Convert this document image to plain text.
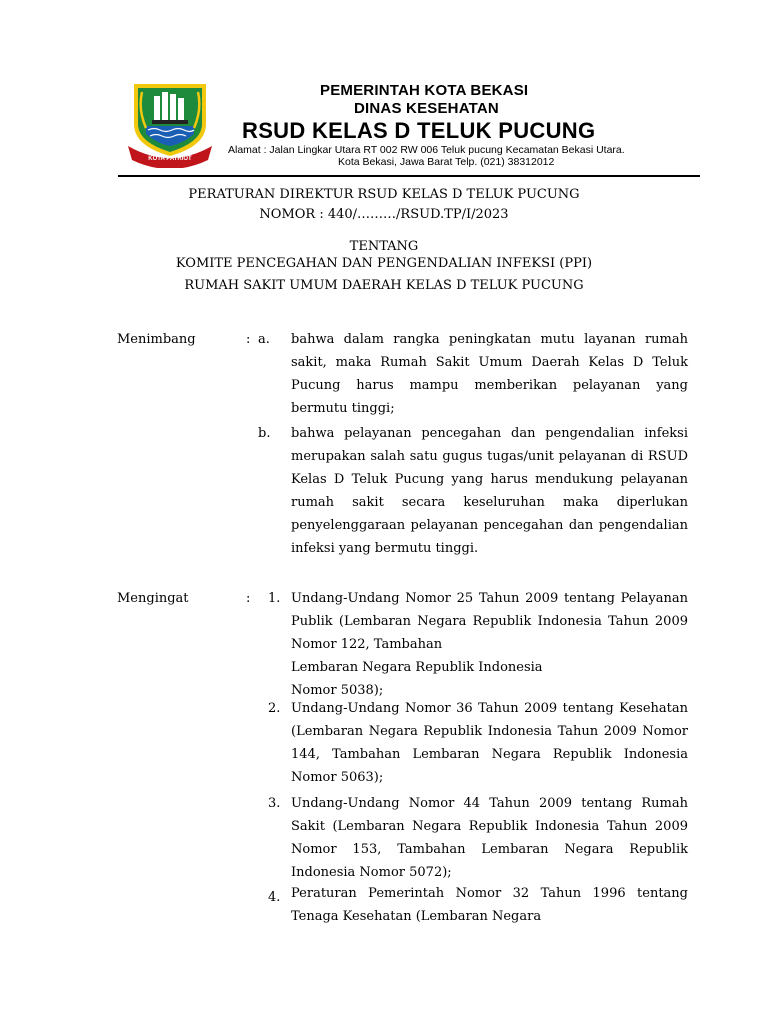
KOTA PATRIOT
PEMERINTAH KOTA BEKASI
DINAS KESEHATAN
RSUD KELAS D TELUK PUCUNG
Alamat : Jalan Lingkar Utara RT 002 RW 006 Teluk pucung Kecamatan Bekasi Utara.
Kota Bekasi, Jawa Barat Telp. (021) 38312012
PERATURAN DIREKTUR RSUD KELAS D TELUK PUCUNG
NOMOR : 440/………/RSUD.TP/I/2023
TENTANG
KOMITE PENCEGAHAN DAN PENGENDALIAN INFEKSI (PPI)
RUMAH SAKIT UMUM DAERAH KELAS D TELUK PUCUNG
Menimbang	: a. bahwa dalam rangka peningkatan mutu layanan rumah sakit, maka Rumah Sakit Umum Daerah Kelas D Teluk Pucung harus mampu memberikan pelayanan yang bermutu tinggi;
b. bahwa pelayanan pencegahan dan pengendalian infeksi merupakan salah satu gugus tugas/unit pelayanan di RSUD Kelas D Teluk Pucung yang harus mendukung pelayanan rumah sakit secara keseluruhan maka diperlukan penyelenggaraan pelayanan pencegahan dan pengendalian infeksi yang bermutu tinggi.
Mengingat	: 1. Undang-Undang Nomor 25 Tahun 2009 tentang Pelayanan Publik (Lembaran Negara Republik Indonesia Tahun 2009 Nomor 122, Tambahan
Lembaran Negara Republik Indonesia
Nomor 5038);
2. Undang-Undang Nomor 36 Tahun 2009 tentang Kesehatan (Lembaran Negara Republik Indonesia Tahun 2009 Nomor 144, Tambahan Lembaran Negara Republik Indonesia Nomor 5063);
3. Undang-Undang Nomor 44 Tahun 2009 tentang Rumah Sakit (Lembaran Negara Republik Indonesia Tahun 2009 Nomor 153, Tambahan Lembaran Negara Republik Indonesia Nomor 5072);
4. Peraturan Pemerintah Nomor 32 Tahun 1996 tentang Tenaga Kesehatan (Lembaran Negara
